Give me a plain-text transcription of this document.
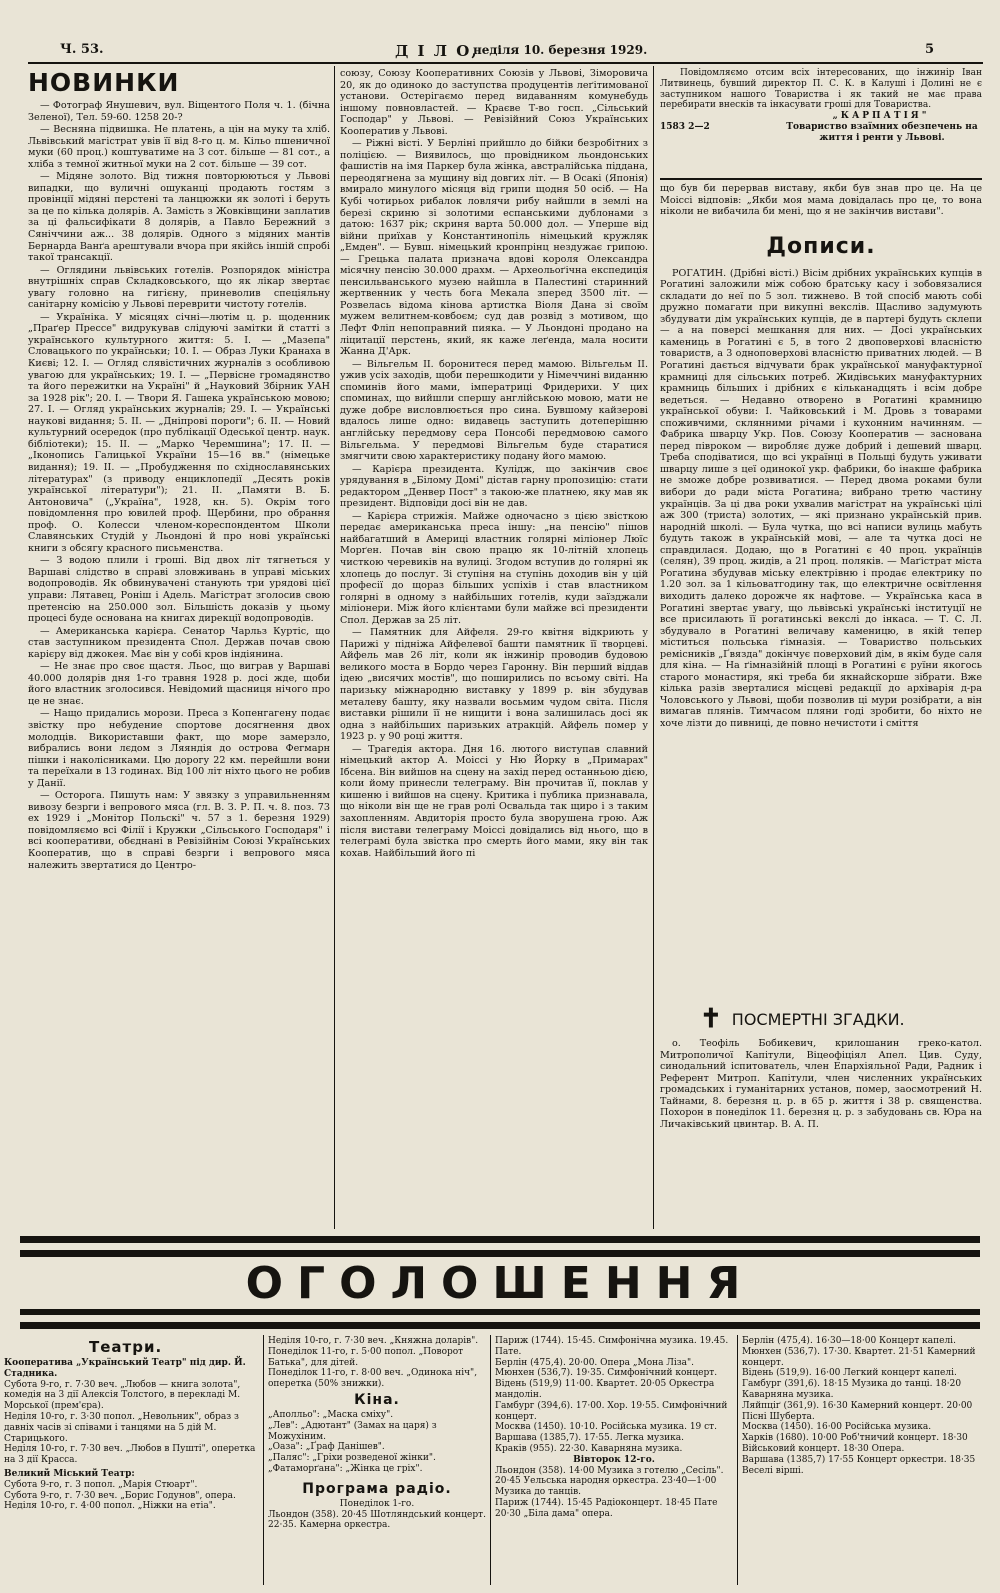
Ч. 53.	Д І Л О,
неділя 10. березня 1929.	5
НОВИНКИ

— Фотограф Янушевич, вул. Віщентого Поля ч. 1. (бічна Зеленої), Тел. 59-60. 1258 20-?

— Весняна підвишка. Не платень, а цін на муку та хліб. Львівський магістрат увів її від 8-го ц. м. Кільо пшеничної муки (60 проц.) коштуватиме на 3 сот. більше — 81 сот., а хліба з темної житньої муки на 2 сот. більше — 39 сот.

— Мідяне золото. Від тижня повторюються у Львові випадки, що вуличні ошуканці продають гостям з провінції мідяні перстені та ланцюжки як золоті і беруть за це по кілька долярів. А. Замість з Жовківщини заплатив за ці фальсифікати 8 долярів, а Павло Бережний з Сяніччини аж... 38 долярів. Одного з мідяних мантів Бернарда Ванґа арештували вчора при якійсь іншій спробі такої трансакції.

— Оглядини львівських готелів. Розпорядок міністра внутрішніх справ Складковського, що як лікар звертає увагу головно на гигієну, приневолив спеціяльну санітарну комісію у Львові переврити чистоту готелів.

— Україніка. У місяцях січні—лютім ц. р. щоденник „Праґер Прессе" видрукував слідуючі замітки й статті з українського культурного життя: 5. І. — „Мазепа" Словацького по українськи; 10. І. — Образ Луки Кранаха в Києві; 12. І. — Огляд слявістичних журналів з особливою увагою для українських; 19. І. — „Первісне громадянство та його пережитки на Україні" й „Науковий Збірник УАН за 1928 рік"; 20. І. — Твори Я. Гашека українською мовою; 27. І. — Огляд українських журналів; 29. І. — Українські наукові видання; 5. ІІ. — „Дніпрові пороги"; 6. ІІ. — Новий культурний осередок (про публікації Одеської центр. наук. бібліотеки); 15. ІІ. — „Марко Черемшина"; 17. ІІ. — „Іконопись Галицької України 15—16 вв." (німецьке видання); 19. ІІ. — „Пробудження по східнославянських літературах" (з приводу енциклопедії „Десять років української літератури"); 21. ІІ. „Памяти В. Б. Антоновича" („Україна", 1928, кн. 5). Окрім того повідомлення про ювилей проф. Щербини, про обрання проф. О. Колесси членом-кореспондентом Школи Славянських Студій у Льондоні й про нові українські книги з обсягу красного письменства.

— З водою плили і гроші. Від двох літ тягнеться у Варшаві слідство в справі зловживань в управі міських водопроводів. Як обвинувачені станують три урядові цієї управи: Лятавец, Роніш і Адель. Магістрат зголосив свою претенсію на 250.000 зол. Більшість доказів у цьому процесі буде основана на книгах дирекції водопроводів.

— Американська карієра. Сенатор Чарльз Куртіс, що став заступником президента Спол. Держав почав свою карієру від джокея. Має він у собі кров індіянина.

— Не знає про своє щастя. Льос, що виграв у Варшаві 40.000 долярів дня 1-го травня 1928 р. досі жде, щоби його властник зголосився. Невідомий щасниця нічого про це не знає.

— Нащо придались морози. Преса з Копенгагену подає звістку про небудение спортове досягнення двох молодців. Використавши факт, що море замерзло, вибрались вони лєдом з Ляяндія до острова Фегмарн пішки і наколісниками. Цю дорогу 22 км. перейшли вони та переїхали в 13 годинах. Від 100 літ ніхто цього не робив у Данії.

— Осторога. Пишуть нам: У звязку з управильненням вивозу безрги і вепрового мяса (гл. В. З. Р. П. ч. 8. поз. 73 ех 1929 і „Монітор Польскі" ч. 57 з 1. березня 1929) повідомляємо всі Філії і Кружки „Сільського Господаря" і всі кооперативи, обєднані в Ревізійнім Союзі Українських Кооператив, що в справі безрги і вепрового мяса належить звертатися до Центро-

союзу, Союзу Кооперативних Союзів у Львові, Зіморовича 20, як до одиноко до заступства продуцентів леґітимованої установи. Остерігаємо перед видаванням комунебудь іншому повновластей. — Краєве Т-во госп. „Сільський Господар" у Львові. — Ревізійний Союз Українських Кооператив у Львові.

— Ріжні вісті. У Берліні прийшло до бійки безробітних з поліцією. — Виявилось, що провідником льондонських фашистів на імя Паркер була жінка, австралійська піддана, переодягнена за мущину від довгих літ. — В Осакі (Японія) вмирало минулого місяця від грипи щодня 50 осіб. — На Кубі чотирьох рибалок ловлячи рибу найшли в землі на березі скриню зі золотими еспанськими дублонами з датою: 1637 рік; скриня варта 50.000 дол. — Уперше від війни приїхав у Константинопіль німецький кружляк „Емден". — Бувш. німецький кронпрінц нездужає грипою. — Грецька палата признача вдові короля Олександра місячну пенсію 30.000 драхм. — Археольоґічна експедиція пенсильванського музею найшла в Палестині старинний жертвенник у честь бога Мекала зперед 3500 літ. — Розвелась відома кінова артистка Віоля Дана зі своїм мужем велитнем-ковбоєм; суд дав розвід з мотивом, що Лефт Фліп непоправний пияка. — У Льондоні продано на ліцитації перстень, який, як каже леґенда, мала носити Жанна Д'Арк.

— Вільгельм ІІ. боронитеся перед мамою. Вільгельм ІІ. ужив усіх заходів, щоби перешкодити у Німеччині виданню споминів його мами, імператриці Фридерихи. У цих споминах, що вийшли спершу англійською мовою, мати не дуже добре висловлюється про сина. Бувшому кайзерові вдалось лише одно: видавець заступить дотеперішню англійську передмову сера Понсобі передмовою самого Вільгельма. У передмові Вільгельм буде старатися змягчити свою характеристику подану його мамою.

— Карієра президента. Кулідж, що закінчив своє урядування в „Білому Домі" дістав гарну пропозицію: стати редактором „Денвер Пост" з такою-же платнею, яку мав як президент. Відповіди досі він не дав.

— Карієра стрижія. Майже одночасно з цією звісткою передає американська преса іншу: „на пенсію" пішов найбагатший в Америці властник голярні міліонер Люїс Морґен. Почав він свою працю як 10-літній хлопець чисткою черевиків на вулиці. Згодом вступив до голярні як хлопець до послуг. Зі ступіня на ступінь доходив він у цій професії до щораз більших успіхів і став властником голярні в одному з найбільших готелів, куди заїзджали міліонери. Між його клієнтами були майже всі президенти Спол. Держав за 25 літ.

— Памятник для Айфеля. 29-го квітня відкриють у Парижі у підніжа Айфелевої башти памятник її творцеві. Айфель мав 26 літ, коли як інжинір проводив будовою великого моста в Бордо через Гаронну. Він перший віддав ідею „висячих мостів", що поширились по всьому світі. На паризьку міжнародню виставку у 1899 р. він збудував металеву башту, яку назвали восьмим чудом світа. Після виставки рішили її не нищити і вона залишилась досі як одна з найбільших паризьких атракцій. Айфель помер у 1923 р. у 90 році життя.

— Трагедія актора. Дня 16. лютого виступав славний німецький актор А. Моіссі у Ню Йорку в „Примарах" Ібсена. Він вийшов на сцену на захід перед останньою дією, коли йому принесли телеграму. Він прочитав її, поклав у кишеню і вийшов на сцену. Критика і публика признавала, що ніколи він ще не грав ролі Освальда так щиро і з таким захопленням. Авдиторія просто була зворушена грою. Аж після вистави телеграму Моіссі довідались від нього, що в телеграмі була звістка про смерть його мами, яку він так кохав. Найбільший його пі

Повідомляємо отсим всіх інтересованих, що інжинір Іван Литвинець, бувший директор П. С. К. в Калуші і Долині не є заступником нашого Товариства і як такий не має права перебирати внесків та інкасувати гроші для Товариства.
„КАРПАТІЯ"
1583 2—2	Товариство взаїмних обезпечень на життя і ренти у Львові.

що був би перервав виставу, якби був знав про це. На це Моіссі відповів: „Якби моя мама довідалась про це, то вона ніколи не вибачила би мені, що я не закінчив вистави".

Дописи.

РОГАТИН. (Дрібні вісті.) Вісім дрібних українських купців в Рогатині заложили між собою братську касу і зобовязалися складати до неї по 5 зол. тижнево. В той спосіб мають собі дружно помагати при викупні векслів. Щасливо задумують збудувати дім українських купців, де в партері будуть склепи — а на поверсі мешкання для них. — Досі українських камениць в Рогатині є 5, в того 2 двоповерхові власністю товариств, а 3 одноповерхові власністю приватних людей. — В Рогатині дається відчувати брак української мануфактурної крамниці для сільських потреб. Жидівських мануфактурних крамниць більших і дрібних є кільканадцять і всім добре ведеться. — Недавно отворено в Рогатині крамницю української обуви: І. Чайковський і М. Дровь з товарами споживчими, склянними річами і кухонним начинням. — Фабрика шварцу Укр. Пов. Союзу Кооператив — заснована перед півроком — виробляє дуже добрий і дешевий шварц. Треба сподіватися, що всі українці в Польщі будуть уживати шварцу лише з цеї одинокої укр. фабрики, бо інакше фабрика не зможе добре розвиватися. — Перед двома роками були вибори до ради міста Рогатина; вибрано третю частину українців. За ці два роки ухвалив магістрат на українські цілі аж 300 (триста) золотих, — які признано українській прив. народній школі. — Була чутка, що всі написи вулиць мабуть будуть також в українській мові, — але та чутка досі не справдилася. Додаю, що в Рогатині є 40 проц. українців (селян), 39 проц. жидів, а 21 проц. поляків. — Маґістрат міста Рогатина збудував міську електрівню і продає електрику по 1.20 зол. за 1 кільоватгодину так, що електричне освітлення виходить далеко дорожче як нафтове. — Українська каса в Рогатині звертає увагу, що львівські українські інституції не все присилають її рогатинські векслі до інкаса. — Т. С. Л. збудувало в Рогатині величаву каменицю, в якій тепер міститься польська ґімназія. — Товариство польських ремісників „Ґвязда" докінчує поверховий дім, в якім буде саля для кіна. — На ґімназійній площі в Рогатині є руїни якогось старого монастиря, які треба би якнайскорше зібрати. Вже кілька разів зверталися місцеві редакції до архіварія д-ра Чоловського у Львові, щоби позволив ці мури розібрати, а він вимагав плянів. Тимчасом пляни годі зробити, бо ніхто не хоче лізти до пивниці, де повно нечистоти і сміття

✝ ПОСМЕРТНІ ЗГАДКИ.

о. Теофіль Бобикевич, крилошанин греко-катол. Митрополичої Капітули, Віцеофіціял Апел. Цив. Суду, синодальний іспитователь, член Епархіяльної Ради, Радник і Референт Митроп. Капітули, член численних українських громадських і гуманітарних установ, помер, заосмотрений Н. Тайнами, 8. березня ц. р. в 65 р. життя і 38 р. священства. Похорон в понеділок 11. березня ц. р. з забудовань св. Юра на Личаківський цвинтар. В. А. П.

ОГОЛОШЕННЯ
Театри.

Кооператива „Український Театр" під дир. Й. Стадника.

Субота 9-го, г. 7·30 веч. „Любов — книга золота", комедія на 3 дії Алексія Толстого, в перекладі М. Морської (прем'єра).

Неділя 10-го, г. 3·30 попол. „Невольник", образ з давніх часів зі співами і танцями на 5 дій М. Старицького.

Неділя 10-го, г. 7·30 веч. „Любов в Пушті", оперетка на 3 дії Красса.

Великий Міський Театр:

Субота 9-го, г. 3 попол. „Марія Стюарт".

Субота 9-го, г. 7·30 веч. „Борис Годунов", опера.

Неділя 10-го, г. 4·00 попол. „Ніжки на етіа".

Неділя 10-го, г. 7·30 веч. „Княжна доларів".

Понеділок 11-го, г. 5·00 попол. „Поворот Батька", для дітей.

Понеділок 11-го, г. 8·00 веч. „Одинока ніч", оперетка (50% знижки).

Кіна.

„Аполльо": „Маска сміху".

„Лев": „Адютант" (Замах на царя) з Можухіним.

„Оаза": „Ґраф Данішев".

„Паляс": „Гріхи розведеної жінки".

„Фатаморґана": „Жінка це гріх".

Програма радіо.

Понеділок 1-го.

Льондон (358). 20·45 Шотляндський концерт. 22·35. Камерна оркестра.

Париж (1744). 15·45. Симфонічна музика. 19.45. Пате.

Берлін (475,4). 20·00. Опера „Мона Ліза".

Мюнхен (536,7). 19·35. Симфонічний концерт.

Відень (519,9) 11·00. Квартет. 20·05 Оркестра мандолін.

Гамбург (394,6). 17·00. Хор. 19·55. Симфонічний концерт.

Москва (1450). 10·10. Російська музика. 19 ст.

Варшава (1385,7). 17·55. Легка музика.

Краків (955). 22·30. Каварняна музика.

Вівторок 12-го.

Льондон (358). 14·00 Музика з готелю „Сесіль". 20·45 Уельська народня оркестра. 23·40—1·00 Музика до танців.

Париж (1744). 15·45 Радіоконцерт. 18·45 Пате 20·30 „Біла дама" опера.

Берлін (475,4). 16·30—18·00 Концерт капелі.

Мюнхен (536,7). 17·30. Квартет. 21·51 Камерний концерт.

Відень (519,9). 16·00 Легкий концерт капелі.

Гамбург (391,6). 18·15 Музика до танці. 18·20 Каварняна музика.

Ляйпціґ (361,9). 16·30 Камерний концерт. 20·00 Пісні Шуберта.

Москва (1450). 16·00 Російська музика.

Харків (1680). 10·00 Роб'тничий концерт. 18·30 Військовий концерт. 18·30 Опера.

Варшава (1385,7) 17·55 Концерт оркестри. 18·35 Веселі вірші.
